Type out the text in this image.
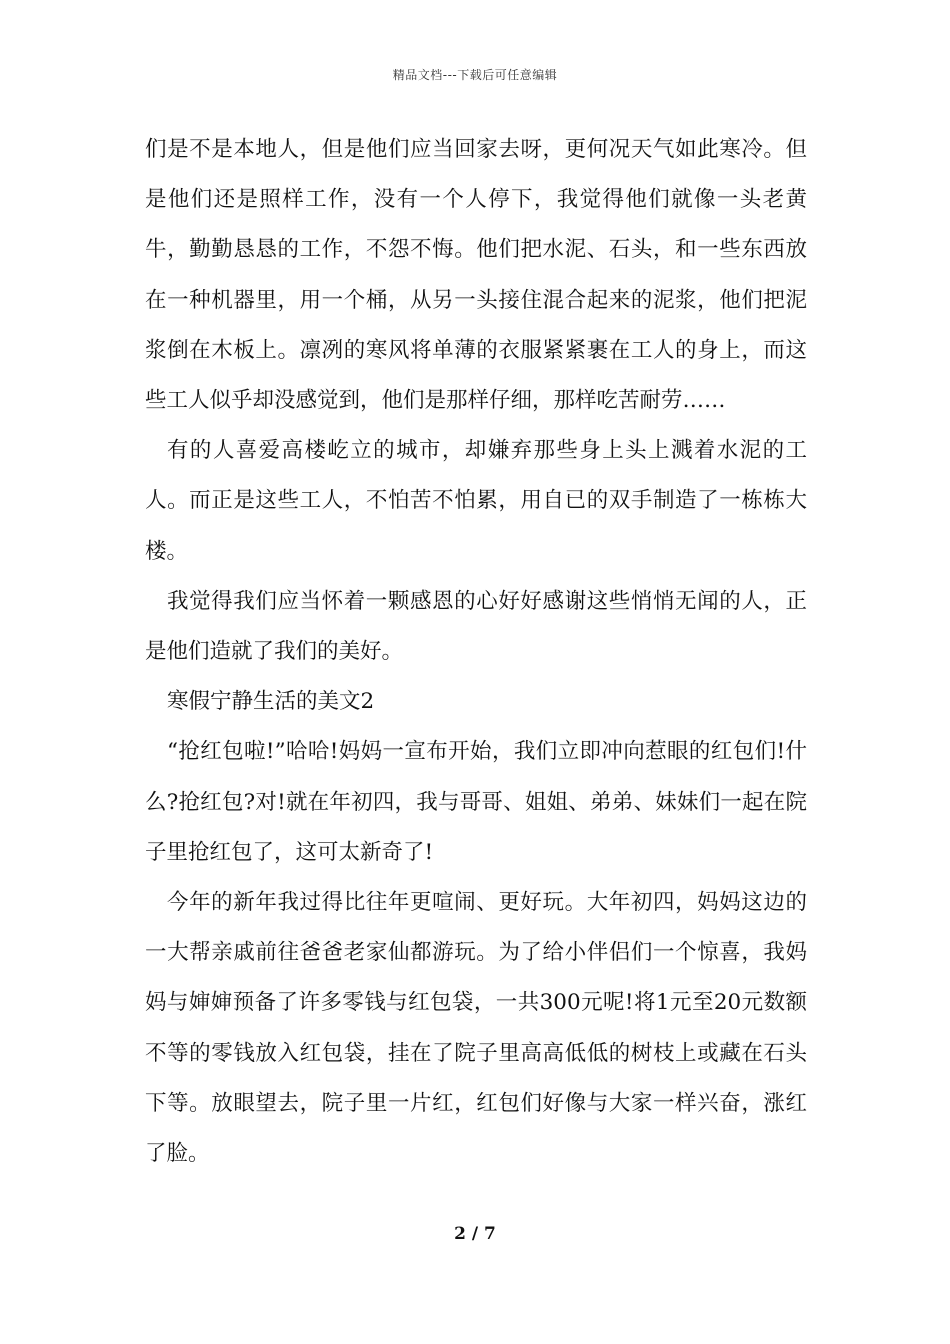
精品文档---下载后可任意编辑

们是不是本地人，但是他们应当回家去呀，更何况天气如此寒冷。但是他们还是照样工作，没有一个人停下，我觉得他们就像一头老黄牛，勤勤恳恳的工作，不怨不悔。他们把水泥、石头，和一些东西放在一种机器里，用一个桶，从另一头接住混合起来的泥浆，他们把泥浆倒在木板上。凛冽的寒风将单薄的衣服紧紧裹在工人的身上，而这些工人似乎却没感觉到，他们是那样仔细，那样吃苦耐劳……

有的人喜爱高楼屹立的城市，却嫌弃那些身上头上溅着水泥的工人。而正是这些工人，不怕苦不怕累，用自已的双手制造了一栋栋大楼。

我觉得我们应当怀着一颗感恩的心好好感谢这些悄悄无闻的人，正是他们造就了我们的美好。

寒假宁静生活的美文2

“抢红包啦!”哈哈!妈妈一宣布开始，我们立即冲向惹眼的红包们!什么?抢红包?对!就在年初四，我与哥哥、姐姐、弟弟、妹妹们一起在院子里抢红包了，这可太新奇了!

今年的新年我过得比往年更喧闹、更好玩。大年初四，妈妈这边的一大帮亲戚前往爸爸老家仙都游玩。为了给小伴侣们一个惊喜，我妈妈与婶婶预备了许多零钱与红包袋，一共300元呢!将1元至20元数额不等的零钱放入红包袋，挂在了院子里高高低低的树枝上或藏在石头下等。放眼望去，院子里一片红，红包们好像与大家一样兴奋，涨红了脸。

2 / 7
